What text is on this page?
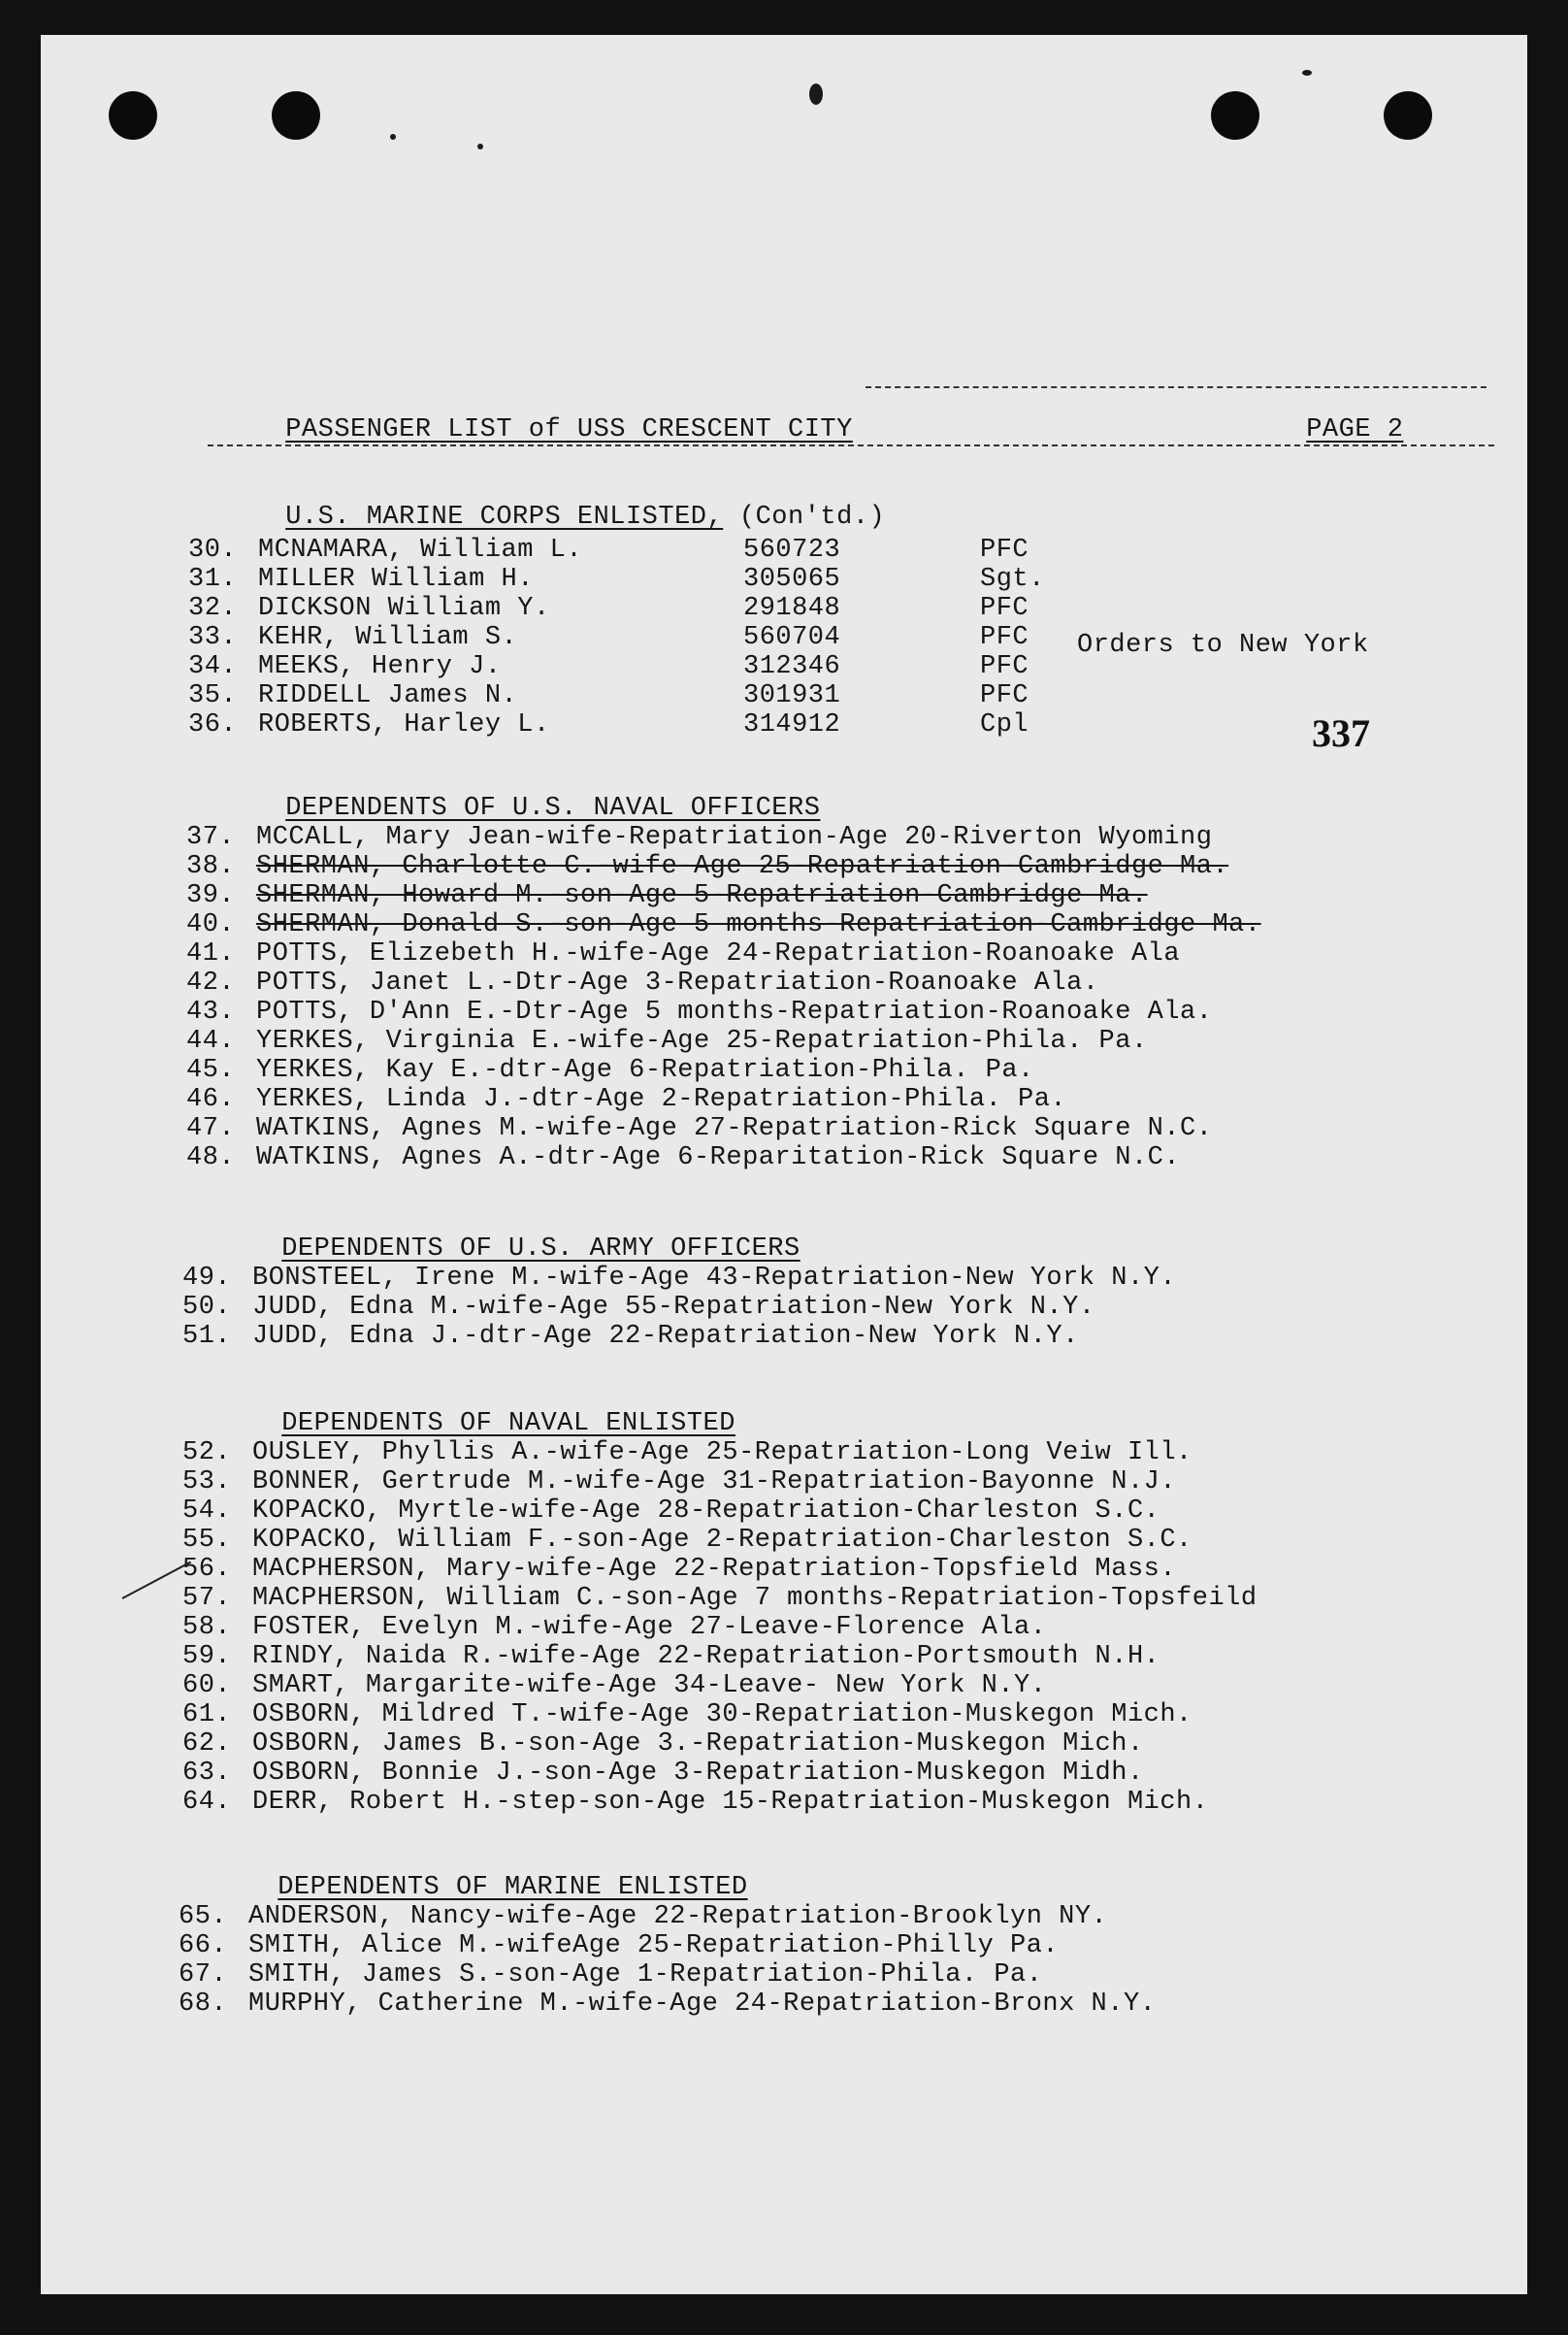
PASSENGER LIST of USS CRESCENT CITY
	PAGE 2

U.S. MARINE CORPS ENLISTED, (Con'td.)

30. MCNAMARA, William L.	560723	PFC
31. MILLER William H.	305065	Sgt.
32. DICKSON William Y.	291848	PFC
33. KEHR, William S.	560704	PFC Orders to New York
34. MEEKS, Henry J.	312346	PFC
35. RIDDELL James N.	301931	PFC
36. ROBERTS, Harley L.	314912	Cpl	337

DEPENDENTS OF U.S. NAVAL OFFICERS

37. MCCALL, Mary Jean-wife-Repatriation-Age 20-Riverton Wyoming
38. SHERMAN, Charlotte C.-wife-Age 25-Repatriation-Cambridge Ma.
39. SHERMAN, Howard M.-son-Age 5-Repatriation-Cambridge Ma.
40. SHERMAN, Donald S.-son-Age 5 months-Repatriation-Cambridge Ma.
41. POTTS, Elizebeth H.-wife-Age 24-Repatriation-Roanoake Ala
42. POTTS, Janet L.-Dtr-Age 3-Repatriation-Roanoake Ala.
43. POTTS, D'Ann E.-Dtr-Age 5 months-Repatriation-Roanoake Ala.
44. YERKES, Virginia E.-wife-Age 25-Repatriation-Phila. Pa.
45. YERKES, Kay E.-dtr-Age 6-Repatriation-Phila. Pa.
46. YERKES, Linda J.-dtr-Age 2-Repatriation-Phila. Pa.
47. WATKINS, Agnes M.-wife-Age 27-Repatriation-Rick Square N.C.
48. WATKINS, Agnes A.-dtr-Age 6-Reparitation-Rick Square N.C.

DEPENDENTS OF U.S. ARMY OFFICERS

49. BONSTEEL, Irene M.-wife-Age 43-Repatriation-New York N.Y.
50. JUDD, Edna M.-wife-Age 55-Repatriation-New York N.Y.
51. JUDD, Edna J.-dtr-Age 22-Repatriation-New York N.Y.

DEPENDENTS OF NAVAL ENLISTED

52. OUSLEY, Phyllis A.-wife-Age 25-Repatriation-Long Veiw Ill.
53. BONNER, Gertrude M.-wife-Age 31-Repatriation-Bayonne N.J.
54. KOPACKO, Myrtle-wife-Age 28-Repatriation-Charleston S.C.
55. KOPACKO, William F.-son-Age 2-Repatriation-Charleston S.C.
56. MACPHERSON, Mary-wife-Age 22-Repatriation-Topsfield Mass.
57. MACPHERSON, William C.-son-Age 7 months-Repatriation-Topsfeild
58. FOSTER, Evelyn M.-wife-Age 27-Leave-Florence Ala.
59. RINDY, Naida R.-wife-Age 22-Repatriation-Portsmouth N.H.
60. SMART, Margarite-wife-Age 34-Leave- New York N.Y.
61. OSBORN, Mildred T.-wife-Age 30-Repatriation-Muskegon Mich.
62. OSBORN, James B.-son-Age 3.-Repatriation-Muskegon Mich.
63. OSBORN, Bonnie J.-son-Age 3-Repatriation-Muskegon Midh.
64. DERR, Robert H.-step-son-Age 15-Repatriation-Muskegon Mich.

DEPENDENTS OF MARINE ENLISTED

65. ANDERSON, Nancy-wife-Age 22-Repatriation-Brooklyn NY.
66. SMITH, Alice M.-wifeAge 25-Repatriation-Philly Pa.
67. SMITH, James S.-son-Age 1-Repatriation-Phila. Pa.
68. MURPHY, Catherine M.-wife-Age 24-Repatriation-Bronx N.Y.
